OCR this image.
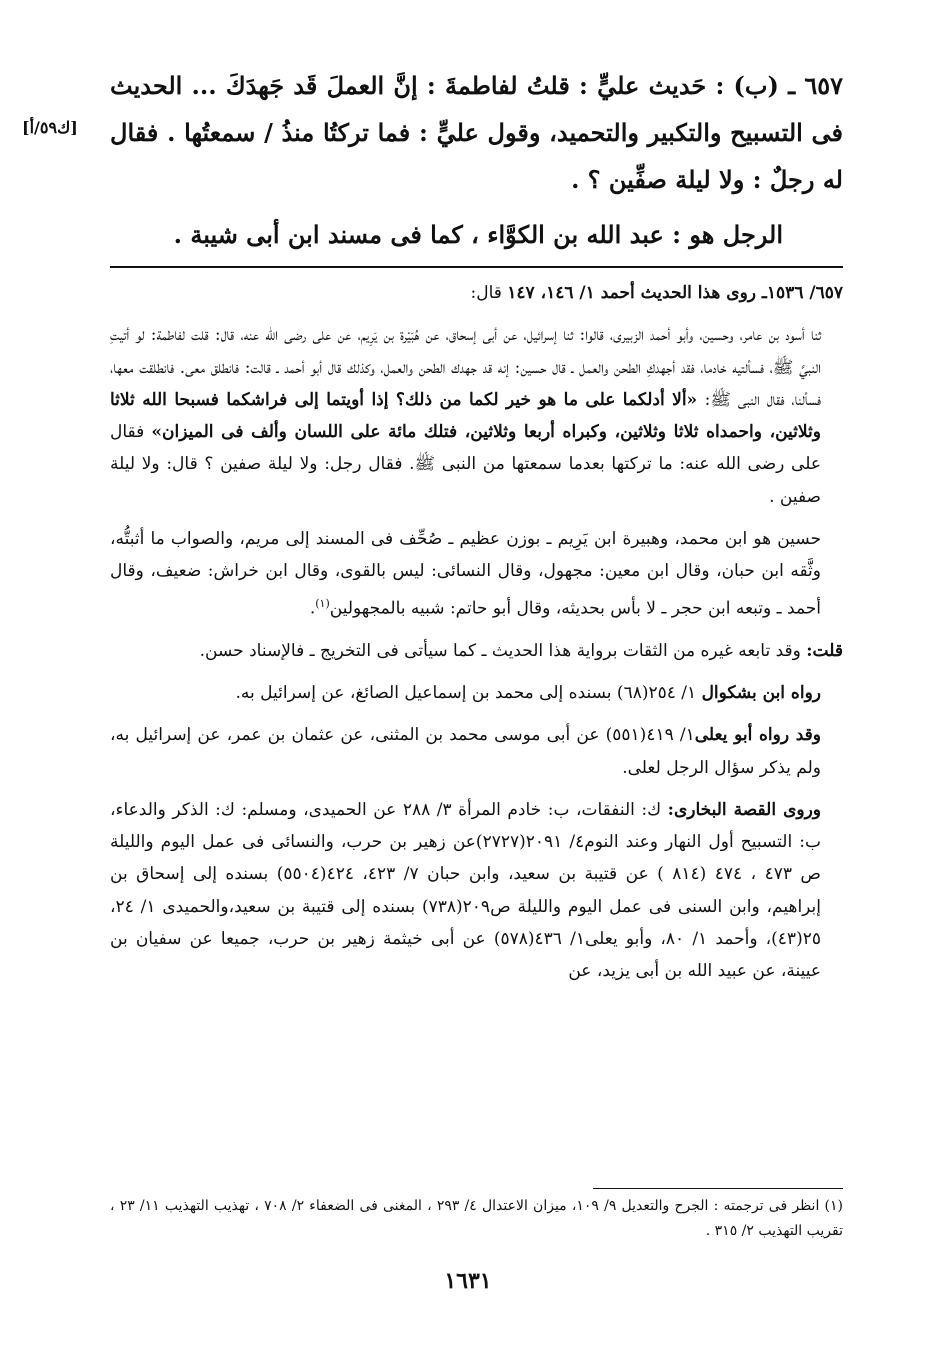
[ك٥٩/أ]

٦٥٧ ـ (ب) : حَديث عليٍّ : قلتُ لفاطمةَ : إنَّ العملَ قَد جَهدَكَ ... الحديث فى التسبيح والتكبير والتحميد، وقول عليٍّ : فما تركتُا منذُ / سمعتُها . فقال له رجلٌ : ولا ليلة صفِّين ؟ .

الرجل هو : عبد الله بن الكوَّاء ، كما فى مسند ابن أبى شيبة .

٦٥٧/ ١٥٣٦ـ روى هذا الحديث أحمد ١/ ١٤٦، ١٤٧ قال:

ثنا أسود بن عامر، وحسين، وأبو أحمد الزبيرى، قالوا: ثنا إسرائيل، عن أبى إسحاق، عن هُبَيْرة بن يَرِيم، عن على رضى الله عنه، قال: قلت لفاطمة: لو أتيتِ النبيَّ ﷺ، فسألتيه خادما، فقد أجهدكِ الطحن والعمل ـ قال حسين: إنه قد جهدك الطحن والعمل، وكذلك قال أبو أحمد ـ قالت: فانطلق معى. فانطلقت معها، فسألنا، فقال النبى ﷺ: «ألا أدلكما على ما هو خير لكما من ذلك؟ إذا أويتما إلى فراشكما فسبحا الله ثلاثا وثلاثين، واحمداه ثلاثا وثلاثين، وكبراه أربعا وثلاثين، فتلك مائة على اللسان وألف فى الميزان» فقال على رضى الله عنه: ما تركتها بعدما سمعتها من النبى ﷺ. فقال رجل: ولا ليلة صفين ؟ قال: ولا ليلة صفين .

حسين هو ابن محمد، وهبيرة ابن يَرِيم ـ بوزن عظيم ـ صُحِّف فى المسند إلى مريم، والصواب ما أثبتُّه، وثَّقه ابن حبان، وقال ابن معين: مجهول، وقال النسائى: ليس بالقوى، وقال ابن خراش: ضعيف، وقال أحمد ـ وتبعه ابن حجر ـ لا بأس بحديثه، وقال أبو حاتم: شبيه بالمجهولين$^{(١)}$.

قلت: وقد تابعه غيره من الثقات برواية هذا الحديث ـ كما سيأتى فى التخريج ـ فالإسناد حسن.

رواه ابن بشكوال ١/ ٢٥٤(٦٨) بسنده إلى محمد بن إسماعيل الصائغ، عن إسرائيل به.

وقد رواه أبو يعلى١/ ٤١٩(٥٥١) عن أبى موسى محمد بن المثنى، عن عثمان بن عمر، عن إسرائيل به، ولم يذكر سؤال الرجل لعلى.

وروى القصة البخارى: ك: النفقات، ب: خادم المرأة ٣/ ٢٨٨ عن الحميدى، ومسلم: ك: الذكر والدعاء، ب: التسبيح أول النهار وعند النوم٤/ ٢٠٩١(٢٧٢٧)عن زهير بن حرب، والنسائى فى عمل اليوم والليلة ص ٤٧٣ ، ٤٧٤ (٨١٤ ) عن قتيبة بن سعيد، وابن حبان ٧/ ٤٢٣، ٤٢٤(٥٥٠٤) بسنده إلى إسحاق بن إبراهيم، وابن السنى فى عمل اليوم والليلة ص٢٠٩(٧٣٨) بسنده إلى قتيبة بن سعيد،والحميدى ١/ ٢٤، ٢٥(٤٣)، وأحمد ١/ ٨٠، وأبو يعلى١/ ٤٣٦(٥٧٨) عن أبى خيثمة زهير بن حرب، جميعا عن سفيان بن عيينة، عن عبيد الله بن أبى يزيد، عن

(١) انظر فى ترجمته : الجرح والتعديل ٩/ ١٠٩، ميزان الاعتدال ٤/ ٢٩٣ ، المغنى فى الضعفاء ٢/ ٧٠٨ ، تهذيب التهذيب ١١/ ٢٣ ، تقريب التهذيب ٢/ ٣١٥ .
١٦٣١
